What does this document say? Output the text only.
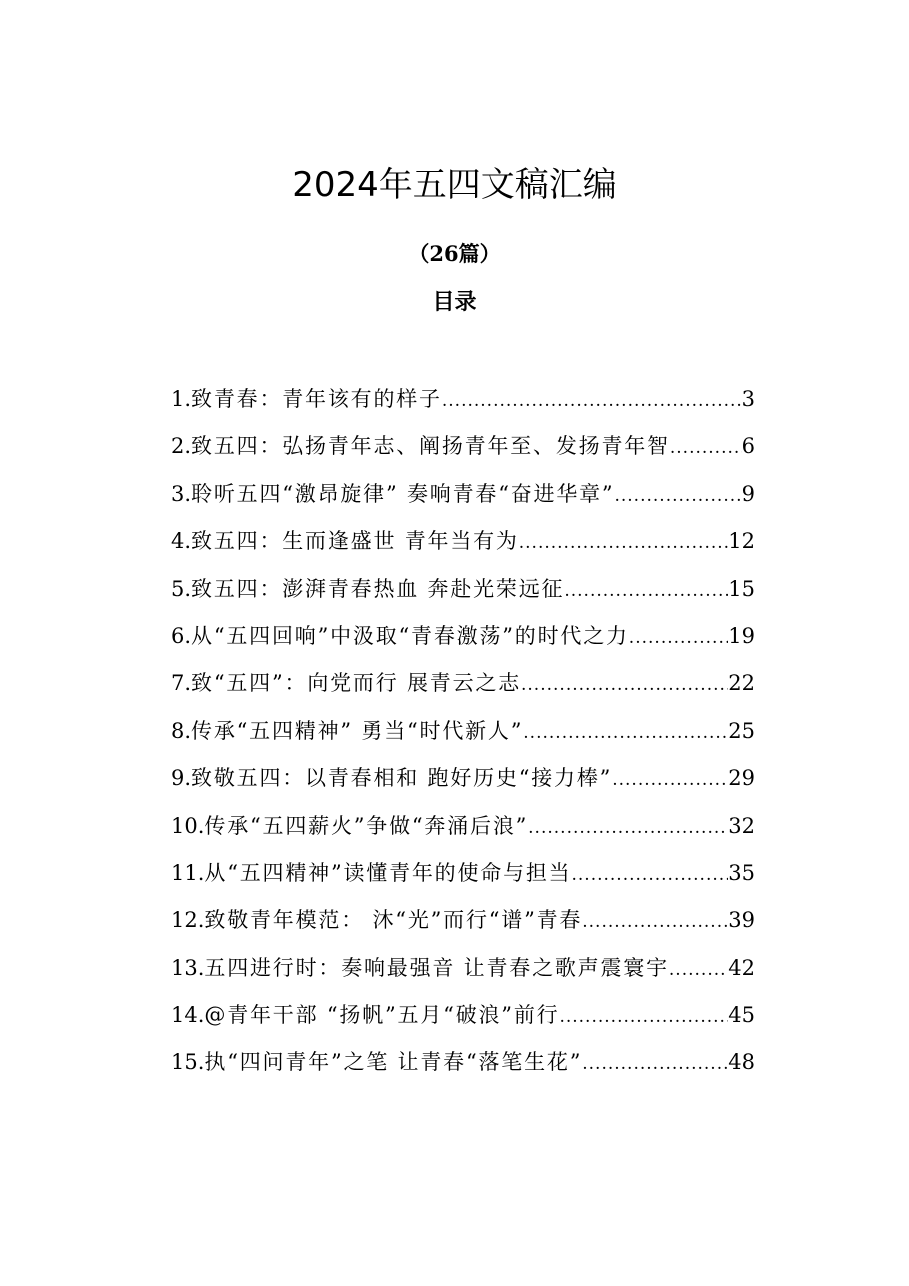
2024年五四文稿汇编
（26篇）
目录
1. 致青春：青年该有的样子 .....	3
2. 致五四：弘扬青年志、阐扬青年至、发扬青年智 .....	6
3. 聆听五四“激昂旋律” 奏响青春“奋进华章” .....	9
4. 致五四：生而逢盛世 青年当有为 .....	12
5. 致五四：澎湃青春热血 奔赴光荣远征 .....	15
6. 从“五四回响”中汲取“青春激荡”的时代之力 .....	19
7. 致“五四”：向党而行 展青云之志 .....	22
8. 传承“五四精神” 勇当“时代新人” .....	25
9. 致敬五四：以青春相和 跑好历史“接力棒” .....	29
10. 传承“五四薪火”争做“奔涌后浪” .....	32
11. 从“五四精神”读懂青年的使命与担当 .....	35
12. 致敬青年模范： 沐“光”而行“谱”青春 .....	39
13. 五四进行时：奏响最强音 让青春之歌声震寰宇 .....	42
14. @青年干部 “扬帆”五月“破浪”前行 .....	45
15. 执“四问青年”之笔 让青春“落笔生花” .....	48
